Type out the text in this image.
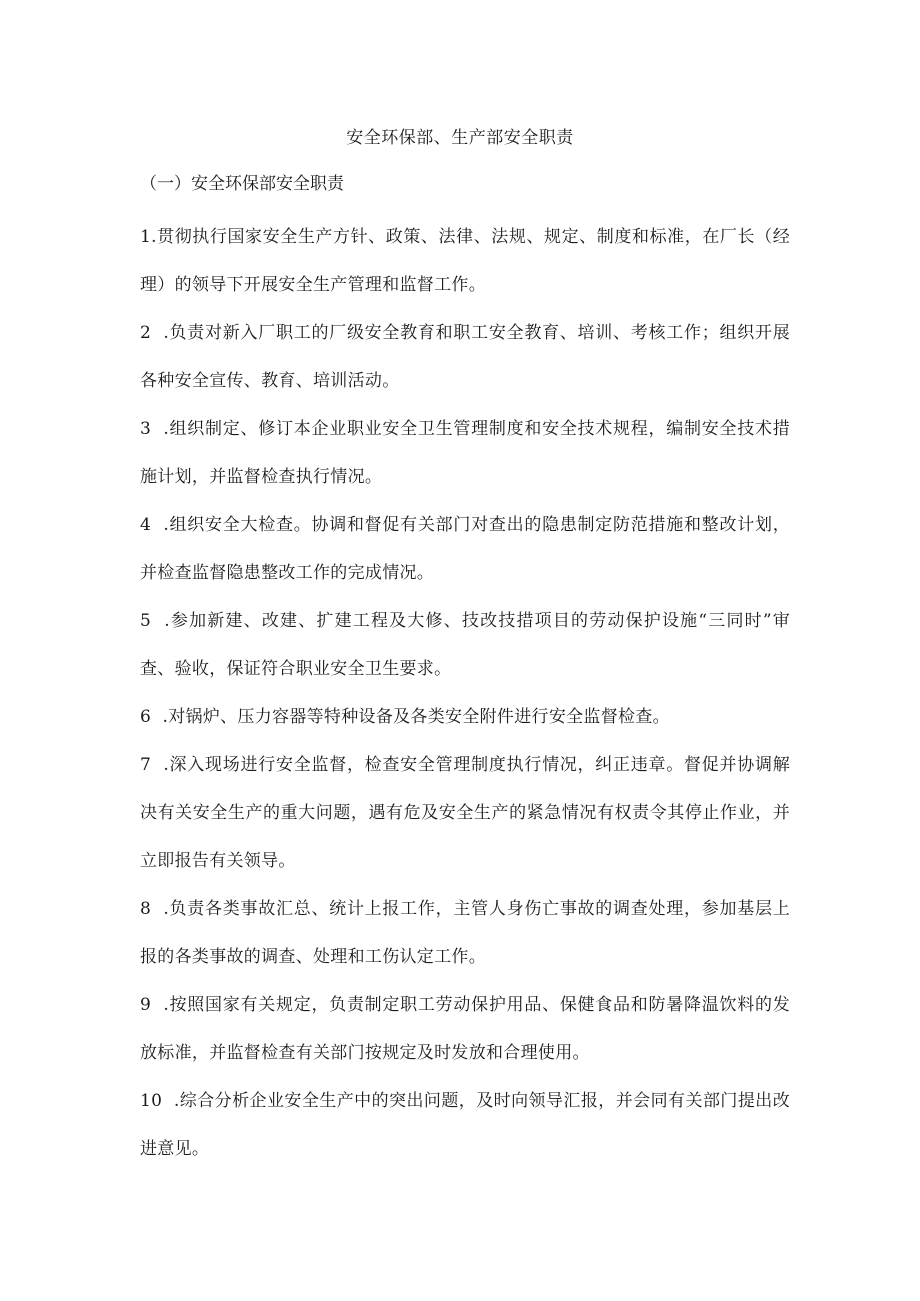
安全环保部、生产部安全职责
（一）安全环保部安全职责

1.贯彻执行国家安全生产方针、政策、法律、法规、规定、制度和标准，在厂长（经理）的领导下开展安全生产管理和监督工作。

2  .负责对新入厂职工的厂级安全教育和职工安全教育、培训、考核工作；组织开展各种安全宣传、教育、培训活动。

3  .组织制定、修订本企业职业安全卫生管理制度和安全技术规程，编制安全技术措施计划，并监督检查执行情况。

4  .组织安全大检查。协调和督促有关部门对查出的隐患制定防范措施和整改计划，并检查监督隐患整改工作的完成情况。

5  .参加新建、改建、扩建工程及大修、技改技措项目的劳动保护设施“三同时”审查、验收，保证符合职业安全卫生要求。

6  .对锅炉、压力容器等特种设备及各类安全附件进行安全监督检查。

7  .深入现场进行安全监督，检查安全管理制度执行情况，纠正违章。督促并协调解决有关安全生产的重大问题，遇有危及安全生产的紧急情况有权责令其停止作业，并立即报告有关领导。

8  .负责各类事故汇总、统计上报工作，主管人身伤亡事故的调查处理，参加基层上报的各类事故的调查、处理和工伤认定工作。

9  .按照国家有关规定，负责制定职工劳动保护用品、保健食品和防暑降温饮料的发放标准，并监督检查有关部门按规定及时发放和合理使用。

10  .综合分析企业安全生产中的突出问题，及时向领导汇报，并会同有关部门提出改进意见。
